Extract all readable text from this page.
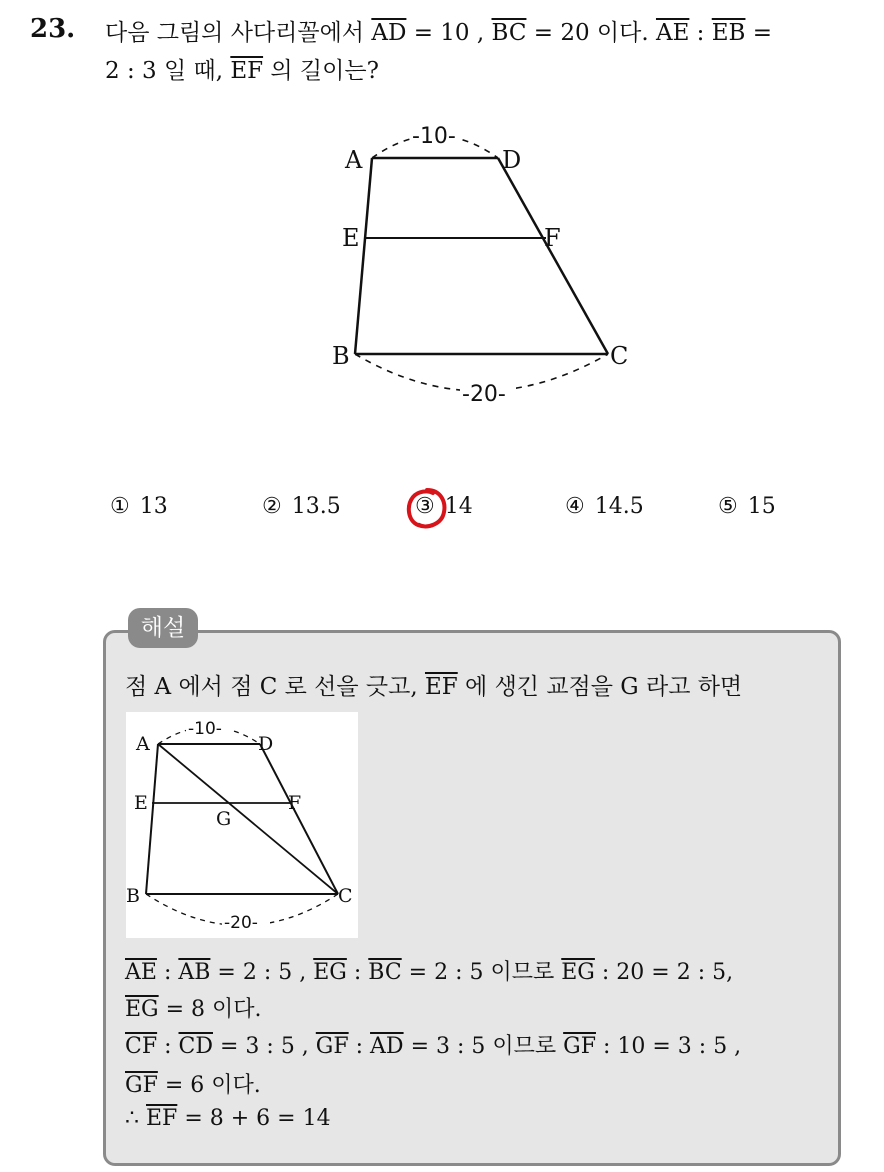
23. 다음 그림의 사다리꼴에서 $\overline{AD} = 10$ , $\overline{BC} = 20$ 이다. $\overline{AE}$ : $\overline{EB}$ =
2 : 3 일 때, $\overline{EF}$ 의 길이는?
A	D
E	F
B	C
-10-
-20-
① 13	② 13.5	③ 14	④ 14.5	⑤ 15
해설
점 A 에서 점 C 로 선을 긋고, $\overline{EF}$ 에 생긴 교점을 G 라고 하면
A	D
E
G
F
B	C
-10-
-20-
$\overline{AE}$ : $\overline{AB} = 2$ : 5 , $\overline{EG}$ : $\overline{BC} = 2$ : 5 이므로 $\overline{EG}$ : 20 = 2 : 5,
$\overline{EG} = 8$ 이다.
$\overline{CF}$ : $\overline{CD} = 3$ : 5 , $\overline{GF}$ : $\overline{AD} = 3$ : 5 이므로 $\overline{GF}$ : 10 = 3 : 5 ,
$\overline{GF} = 6$ 이다.
∴ $\overline{EF} = 8 + 6 = 14$
